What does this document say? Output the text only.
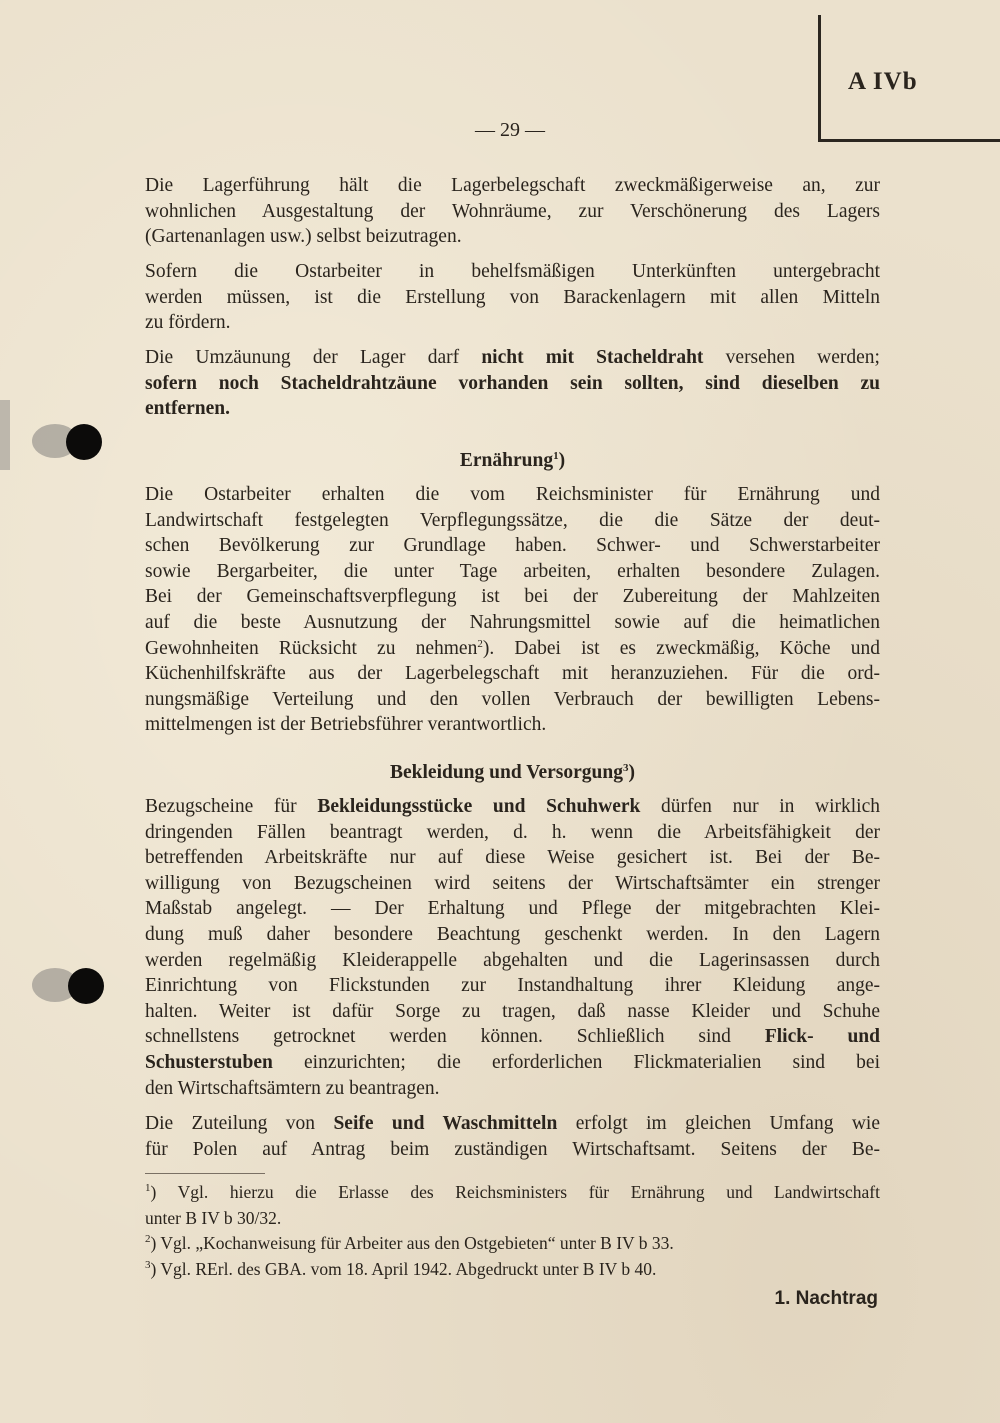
A IVb
— 29 —
Die Lagerführung hält die Lagerbelegschaft zweckmäßigerweise an, zur
wohnlichen Ausgestaltung der Wohnräume, zur Verschönerung des Lagers
(Gartenanlagen usw.) selbst beizutragen.
Sofern die Ostarbeiter in behelfsmäßigen Unterkünften untergebracht
werden müssen, ist die Erstellung von Barackenlagern mit allen Mitteln
zu fördern.
Die Umzäunung der Lager darf nicht mit Stacheldraht versehen werden;
sofern noch Stacheldrahtzäune vorhanden sein sollten, sind dieselben zu
entfernen.
Ernährung$^1$)
Die Ostarbeiter erhalten die vom Reichsminister für Ernährung und
Landwirtschaft festgelegten Verpflegungssätze, die die Sätze der deut-
schen Bevölkerung zur Grundlage haben. Schwer- und Schwerstarbeiter
sowie Bergarbeiter, die unter Tage arbeiten, erhalten besondere Zulagen.
Bei der Gemeinschaftsverpflegung ist bei der Zubereitung der Mahlzeiten
auf die beste Ausnutzung der Nahrungsmittel sowie auf die heimatlichen
Gewohnheiten Rücksicht zu nehmen$^2$). Dabei ist es zweckmäßig, Köche und
Küchenhilfskräfte aus der Lagerbelegschaft mit heranzuziehen. Für die ord-
nungsmäßige Verteilung und den vollen Verbrauch der bewilligten Lebens-
mittelmengen ist der Betriebsführer verantwortlich.
Bekleidung und Versorgung$^3$)
Bezugscheine für Bekleidungsstücke und Schuhwerk dürfen nur in wirklich
dringenden Fällen beantragt werden, d. h. wenn die Arbeitsfähigkeit der
betreffenden Arbeitskräfte nur auf diese Weise gesichert ist. Bei der Be-
willigung von Bezugscheinen wird seitens der Wirtschaftsämter ein strenger
Maßstab angelegt. — Der Erhaltung und Pflege der mitgebrachten Klei-
dung muß daher besondere Beachtung geschenkt werden. In den Lagern
werden regelmäßig Kleiderappelle abgehalten und die Lagerinsassen durch
Einrichtung von Flickstunden zur Instandhaltung ihrer Kleidung ange-
halten. Weiter ist dafür Sorge zu tragen, daß nasse Kleider und Schuhe
schnellstens getrocknet werden können. Schließlich sind Flick- und
Schusterstuben einzurichten; die erforderlichen Flickmaterialien sind bei
den Wirtschaftsämtern zu beantragen.
Die Zuteilung von Seife und Waschmitteln erfolgt im gleichen Umfang wie
für Polen auf Antrag beim zuständigen Wirtschaftsamt. Seitens der Be-
$^1$) Vgl. hierzu die Erlasse des Reichsministers für Ernährung und Landwirtschaft
unter B IV b 30/32.
$^2$) Vgl. „Kochanweisung für Arbeiter aus den Ostgebieten“ unter B IV b 33.
$^3$) Vgl. RErl. des GBA. vom 18. April 1942. Abgedruckt unter B IV b 40.
1. Nachtrag
